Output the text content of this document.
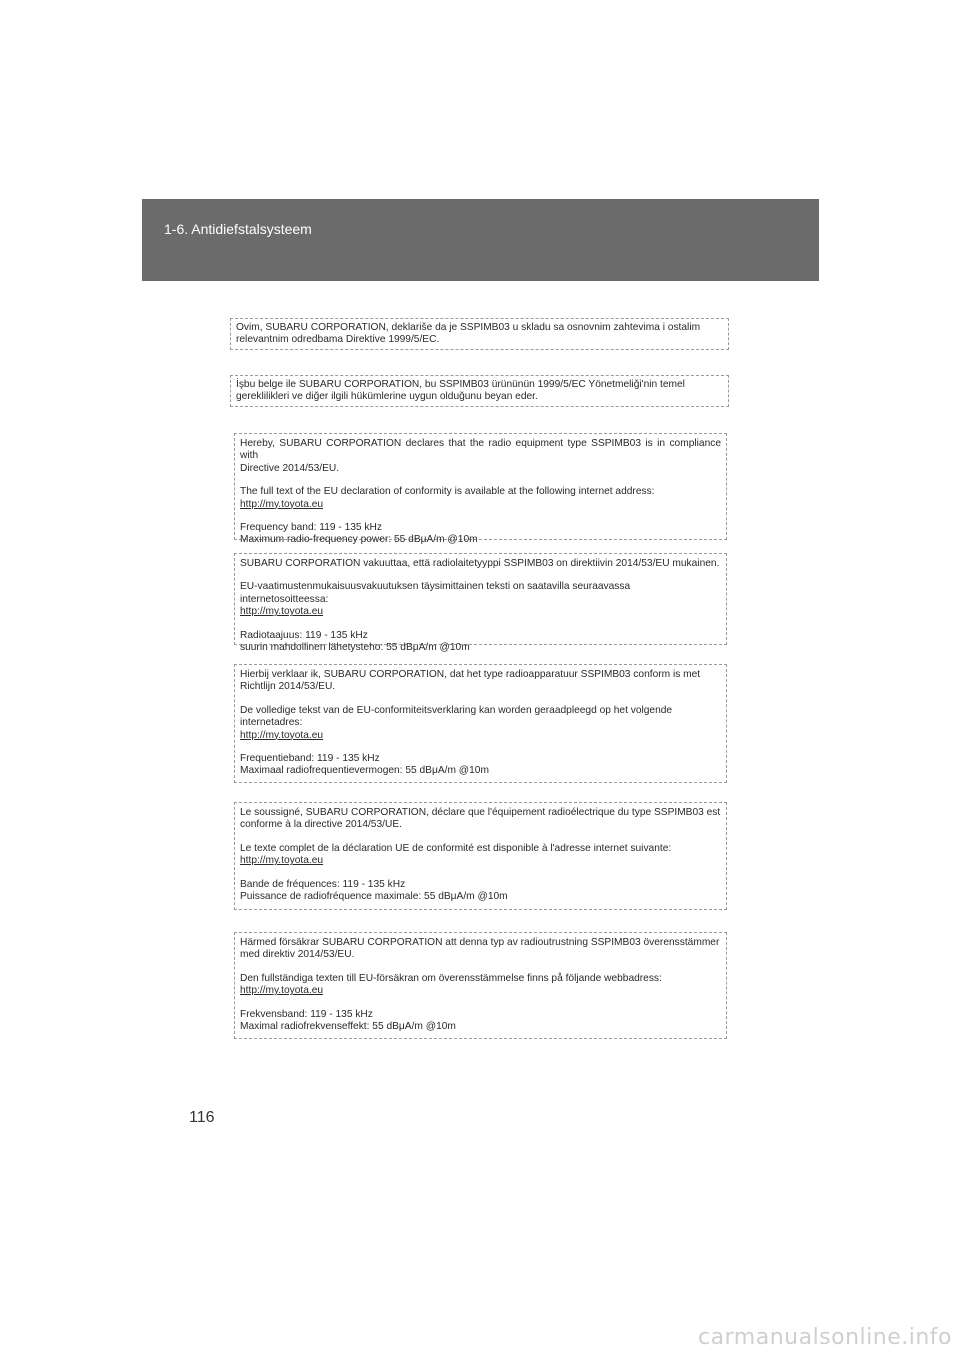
1-6. Antidiefstalsysteem

Ovim, SUBARU CORPORATION, deklariše da je SSPIMB03 u skladu sa osnovnim zahtevima i ostalim

relevantnim odredbama Direktive 1999/5/EC.

İşbu belge ile SUBARU CORPORATION, bu SSPIMB03 ürününün 1999/5/EC Yönetmeliği'nin temel

gereklilikleri ve diğer ilgili hükümlerine uygun olduğunu beyan eder.

Hereby, SUBARU CORPORATION declares that the radio equipment type SSPIMB03 is in compliance with

Directive 2014/53/EU.

The full text of the EU declaration of conformity is available at the following internet address:

http://my.toyota.eu

Frequency band: 119 - 135 kHz

Maximum radio-frequency power: 55 dBμA/m @10m

SUBARU CORPORATION vakuuttaa, että radiolaitetyyppi SSPIMB03 on direktiivin 2014/53/EU mukainen.

EU-vaatimustenmukaisuusvakuutuksen täysimittainen teksti on saatavilla seuraavassa internetosoitteessa:

http://my.toyota.eu

Radiotaajuus: 119 - 135 kHz

suurin mahdollinen lähetysteho: 55 dBμA/m @10m

Hierbij verklaar ik, SUBARU CORPORATION, dat het type radioapparatuur SSPIMB03 conform is met

Richtlijn 2014/53/EU.

De volledige tekst van de EU-conformiteitsverklaring kan worden geraadpleegd op het volgende

internetadres:

http://my.toyota.eu

Frequentieband: 119 - 135 kHz

Maximaal radiofrequentievermogen: 55 dBμA/m @10m

Le soussigné, SUBARU CORPORATION, déclare que l'équipement radioélectrique du type SSPIMB03 est

conforme à la directive 2014/53/UE.

Le texte complet de la déclaration UE de conformité est disponible à l'adresse internet suivante:

http://my.toyota.eu

Bande de fréquences: 119 - 135 kHz

Puissance de radiofréquence maximale: 55 dBμA/m @10m

Härmed försäkrar SUBARU CORPORATION att denna typ av radioutrustning SSPIMB03 överensstämmer

med direktiv 2014/53/EU.

Den fullständiga texten till EU-försäkran om överensstämmelse finns på följande webbadress:

http://my.toyota.eu

Frekvensband: 119 - 135 kHz

Maximal radiofrekvenseffekt: 55 dBμA/m @10m

116
carmanualsonline.info
